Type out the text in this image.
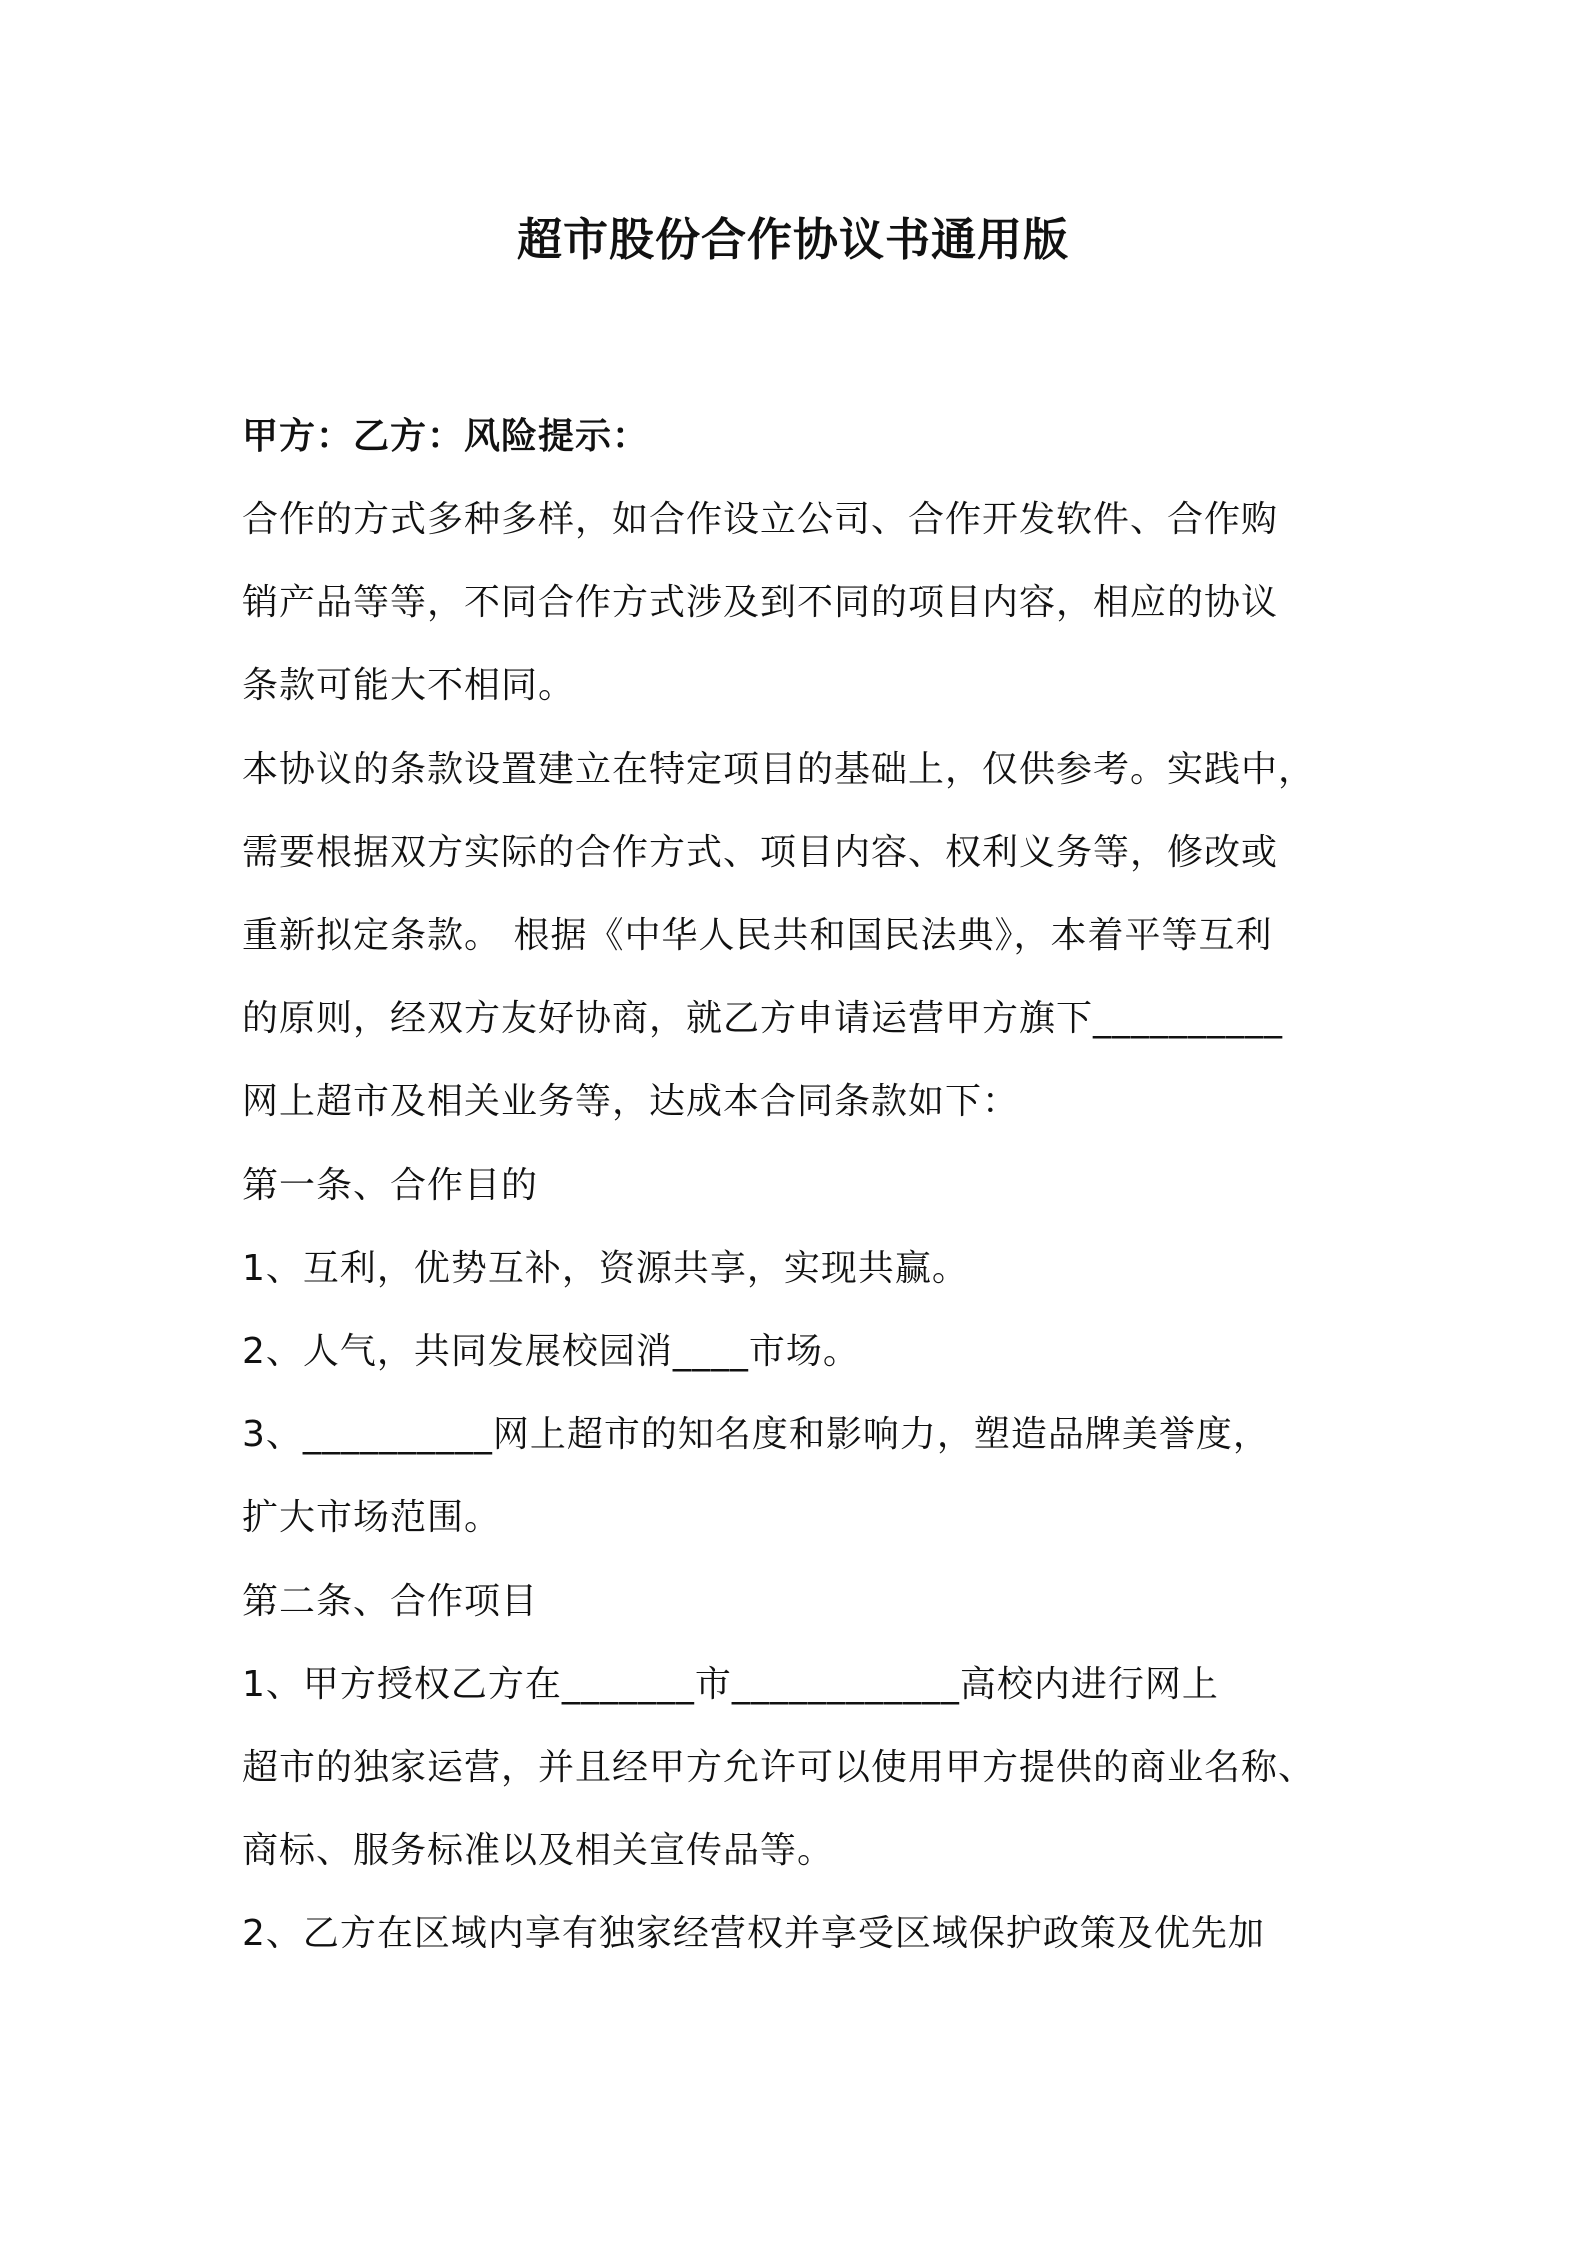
超市股份合作协议书通用版
甲方：乙方：风险提示：
合作的方式多种多样，如合作设立公司、合作开发软件、合作购
销产品等等，不同合作方式涉及到不同的项目内容，相应的协议
条款可能大不相同。
本协议的条款设置建立在特定项目的基础上，仅供参考。实践中，
需要根据双方实际的合作方式、项目内容、权利义务等，修改或
重新拟定条款。 根据《中华人民共和国民法典》，本着平等互利
的原则，经双方友好协商，就乙方申请运营甲方旗下__________
网上超市及相关业务等，达成本合同条款如下：
第一条、合作目的
1、互利，优势互补，资源共享，实现共赢。
2、人气，共同发展校园消____市场。
3、__________网上超市的知名度和影响力，塑造品牌美誉度，
扩大市场范围。
第二条、合作项目
1、甲方授权乙方在_______市____________高校内进行网上
超市的独家运营，并且经甲方允许可以使用甲方提供的商业名称、
商标、服务标准以及相关宣传品等。
2、乙方在区域内享有独家经营权并享受区域保护政策及优先加
